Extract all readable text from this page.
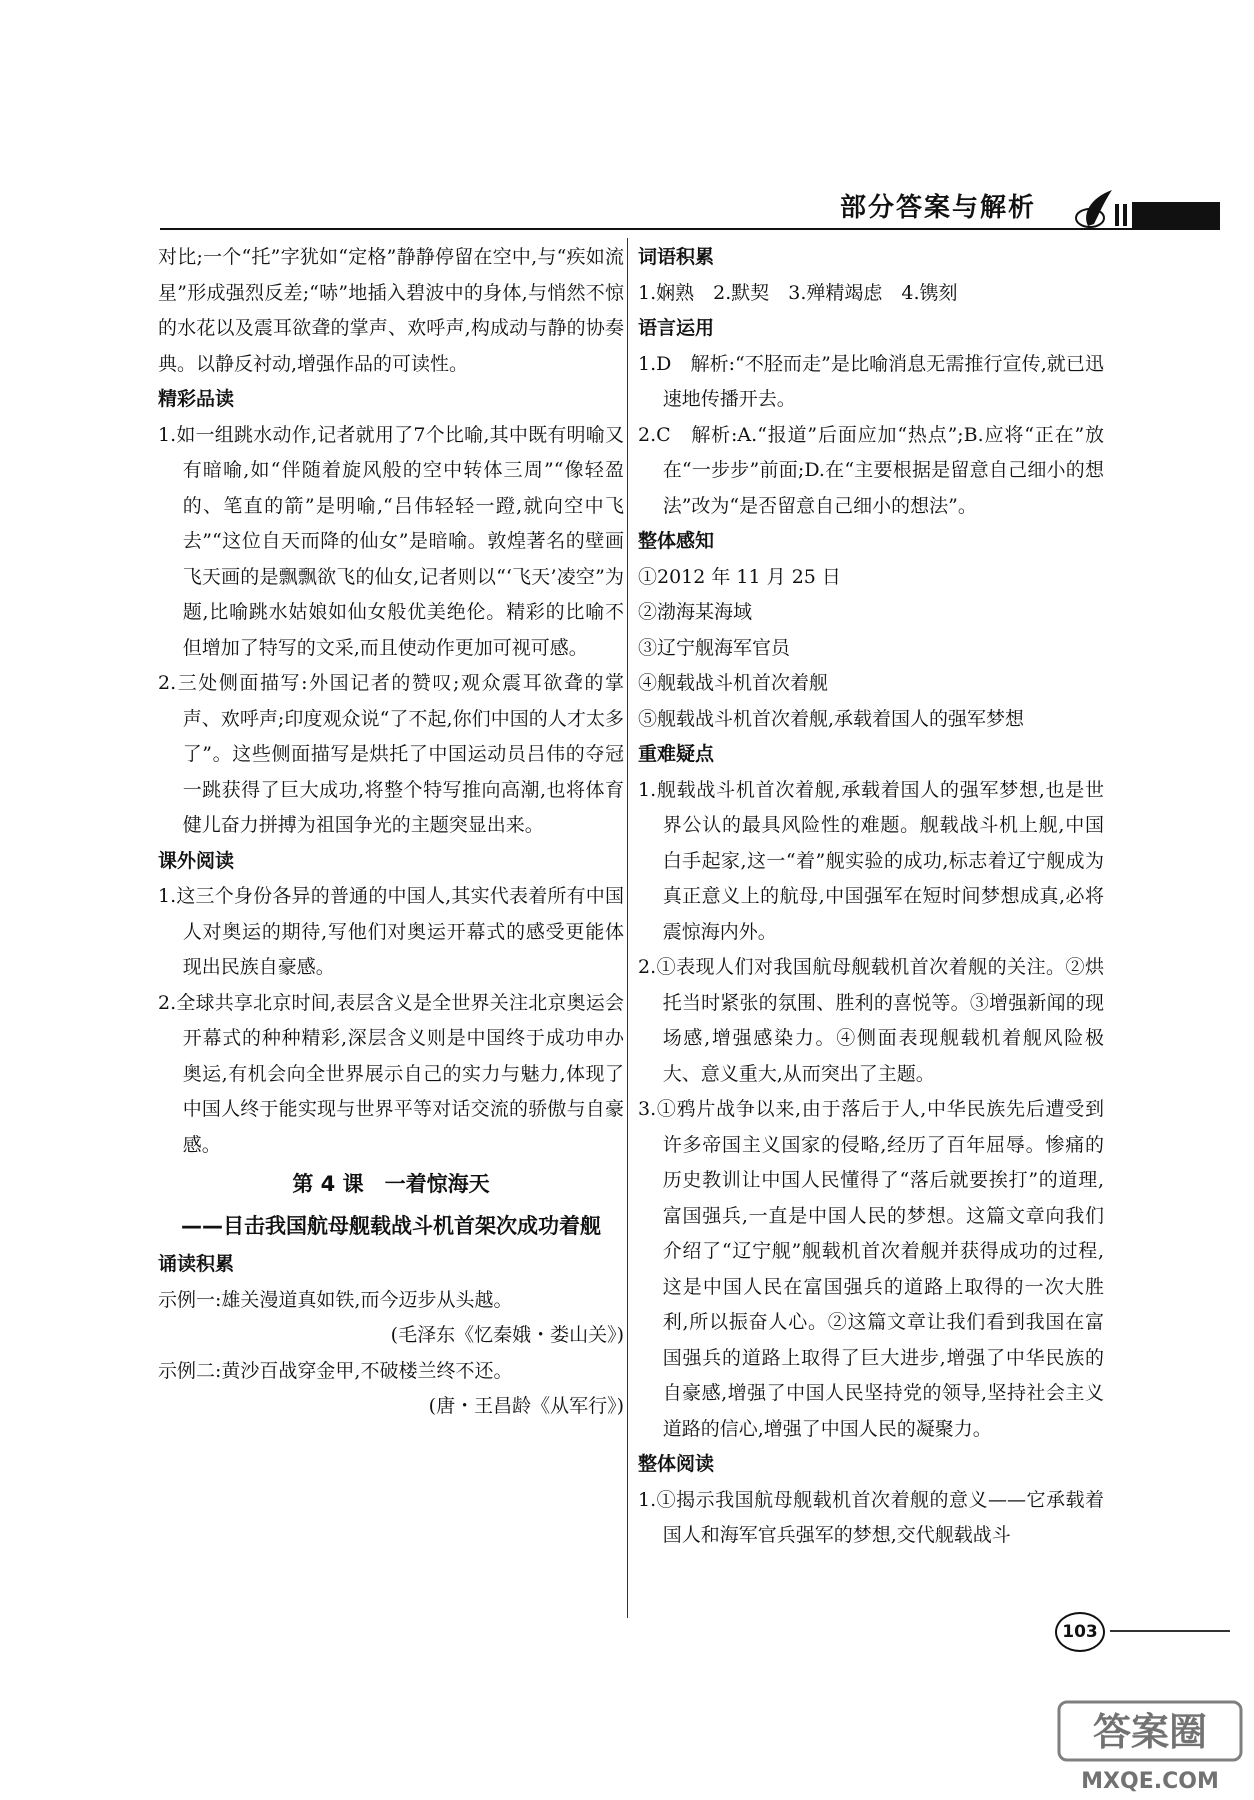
部分答案与解析
对比;一个“托”字犹如“定格”静静停留在空中,与“疾如流星”形成强烈反差;“哧”地插入碧波中的身体,与悄然不惊的水花以及震耳欲聋的掌声、欢呼声,构成动与静的协奏典。以静反衬动,增强作品的可读性。
精彩品读
1.如一组跳水动作,记者就用了7个比喻,其中既有明喻又有暗喻,如“伴随着旋风般的空中转体三周”“像轻盈的、笔直的箭”是明喻,“吕伟轻轻一蹬,就向空中飞去”“这位自天而降的仙女”是暗喻。敦煌著名的壁画飞天画的是飘飘欲飞的仙女,记者则以“‘飞天’凌空”为题,比喻跳水姑娘如仙女般优美绝伦。精彩的比喻不但增加了特写的文采,而且使动作更加可视可感。
2.三处侧面描写:外国记者的赞叹;观众震耳欲聋的掌声、欢呼声;印度观众说“了不起,你们中国的人才太多了”。这些侧面描写是烘托了中国运动员吕伟的夺冠一跳获得了巨大成功,将整个特写推向高潮,也将体育健儿奋力拼搏为祖国争光的主题突显出来。
课外阅读
1.这三个身份各异的普通的中国人,其实代表着所有中国人对奥运的期待,写他们对奥运开幕式的感受更能体现出民族自豪感。
2.全球共享北京时间,表层含义是全世界关注北京奥运会开幕式的种种精彩,深层含义则是中国终于成功申办奥运,有机会向全世界展示自己的实力与魅力,体现了中国人终于能实现与世界平等对话交流的骄傲与自豪感。
第 4 课　一着惊海天
——目击我国航母舰载战斗机首架次成功着舰
诵读积累
示例一:雄关漫道真如铁,而今迈步从头越。
(毛泽东《忆秦娥・娄山关》)
示例二:黄沙百战穿金甲,不破楼兰终不还。
(唐・王昌龄《从军行》)
词语积累
1.娴熟　2.默契　3.殚精竭虑　4.镌刻
语言运用
1.D　解析:“不胫而走”是比喻消息无需推行宣传,就已迅速地传播开去。
2.C　解析:A.“报道”后面应加“热点”;B.应将“正在”放在“一步步”前面;D.在“主要根据是留意自己细小的想法”改为“是否留意自己细小的想法”。
整体感知
①2012 年 11 月 25 日
②渤海某海域
③辽宁舰海军官员
④舰载战斗机首次着舰
⑤舰载战斗机首次着舰,承载着国人的强军梦想
重难疑点
1.舰载战斗机首次着舰,承载着国人的强军梦想,也是世界公认的最具风险性的难题。舰载战斗机上舰,中国白手起家,这一“着”舰实验的成功,标志着辽宁舰成为真正意义上的航母,中国强军在短时间梦想成真,必将震惊海内外。
2.①表现人们对我国航母舰载机首次着舰的关注。②烘托当时紧张的氛围、胜利的喜悦等。③增强新闻的现场感,增强感染力。④侧面表现舰载机着舰风险极大、意义重大,从而突出了主题。
3.①鸦片战争以来,由于落后于人,中华民族先后遭受到许多帝国主义国家的侵略,经历了百年屈辱。惨痛的历史教训让中国人民懂得了“落后就要挨打”的道理,富国强兵,一直是中国人民的梦想。这篇文章向我们介绍了“辽宁舰”舰载机首次着舰并获得成功的过程,这是中国人民在富国强兵的道路上取得的一次大胜利,所以振奋人心。②这篇文章让我们看到我国在富国强兵的道路上取得了巨大进步,增强了中华民族的自豪感,增强了中国人民坚持党的领导,坚持社会主义道路的信心,增强了中国人民的凝聚力。
整体阅读
1.①揭示我国航母舰载机首次着舰的意义——它承载着国人和海军官兵强军的梦想,交代舰载战斗
103
答案圈
MXQE.COM
